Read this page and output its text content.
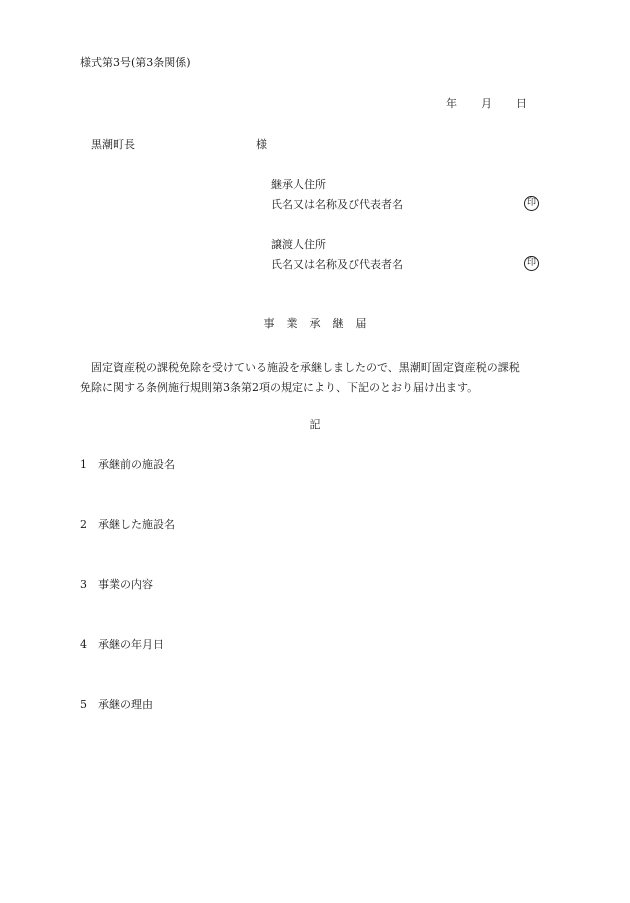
様式第3号(第3条関係)
年 月 日
黒潮町長	様
継承人住所
氏名又は名称及び代表者名	印
譲渡人住所
氏名又は名称及び代表者名	印
事業承継届

　固定資産税の課税免除を受けている施設を承継しましたので、黒潮町固定資産税の課税

免除に関する条例施行規則第3条第2項の規定により、下記のとおり届け出ます。

記
1 承継前の施設名
2 承継した施設名
3 事業の内容
4 承継の年月日
5 承継の理由
